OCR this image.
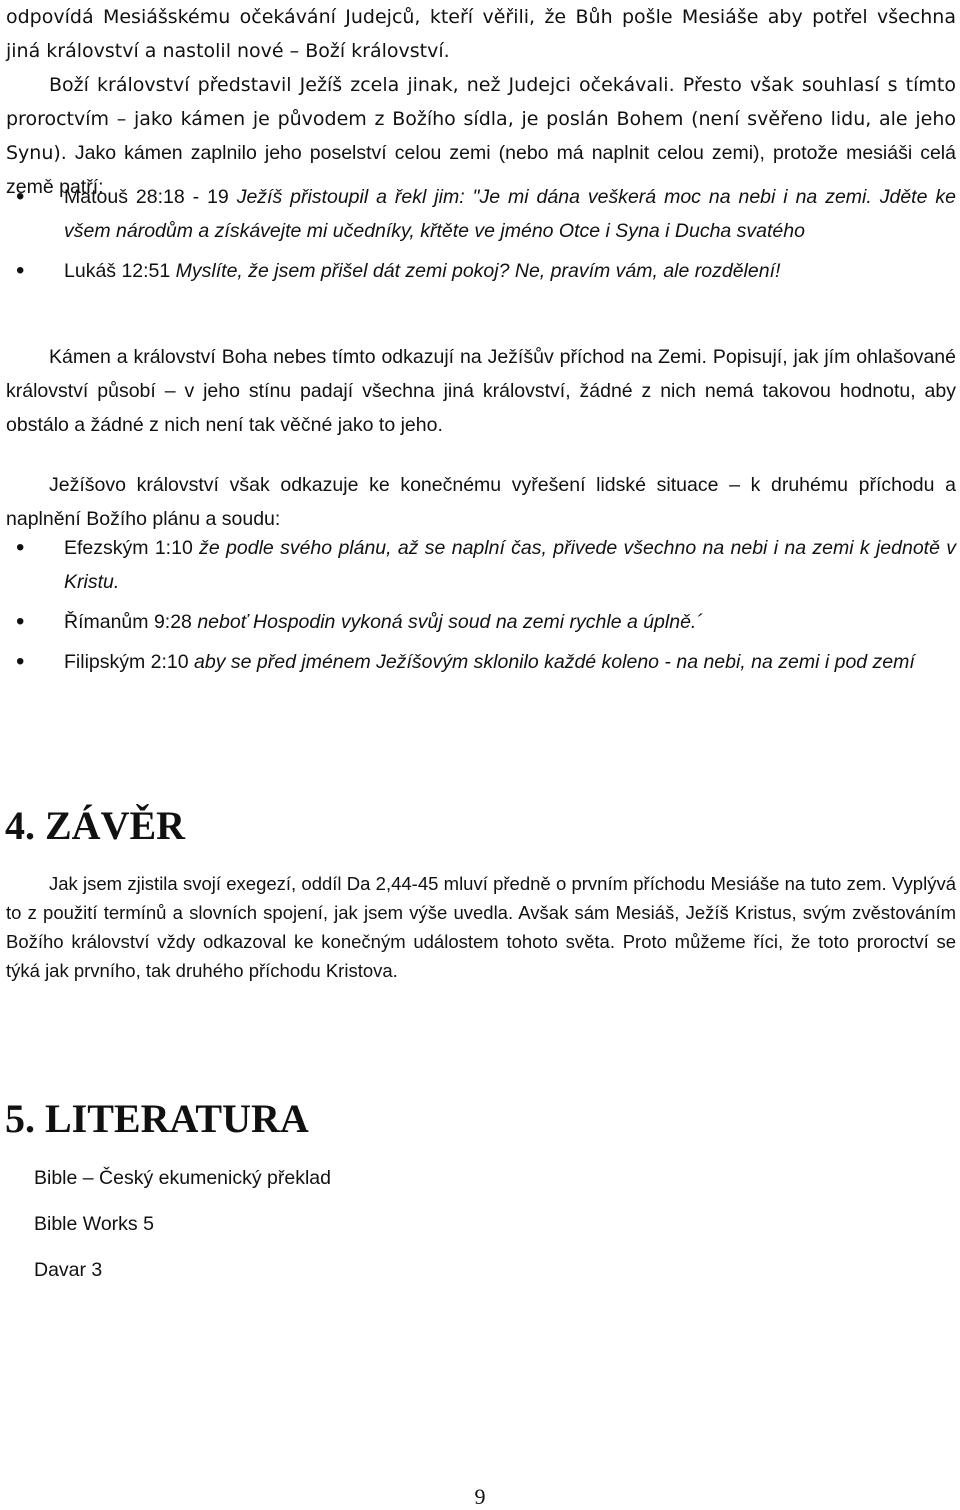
odpovídá Mesiášskému očekávání Judejců, kteří věřili, že Bůh pošle Mesiáše aby potřel všechna jiná království a nastolil nové – Boží království.
Boží království představil Ježíš zcela jinak, než Judejci očekávali. Přesto však souhlasí s tímto proroctvím – jako kámen je původem z Božího sídla, je poslán Bohem (není svěřeno lidu, ale jeho Synu). Jako kámen zaplnilo jeho poselství celou zemi (nebo má naplnit celou zemi), protože mesiáši celá země patří:
• Matouš 28:18 - 19 Ježíš přistoupil a řekl jim: "Je mi dána veškerá moc na nebi i na zemi. Jděte ke všem národům a získávejte mi učedníky, křtěte ve jméno Otce i Syna i Ducha svatého
• Lukáš 12:51 Myslíte, že jsem přišel dát zemi pokoj? Ne, pravím vám, ale rozdělení!
Kámen a království Boha nebes tímto odkazují na Ježíšův příchod na Zemi. Popisují, jak jím ohlašované království působí – v jeho stínu padají všechna jiná království, žádné z nich nemá takovou hodnotu, aby obstálo a žádné z nich není tak věčné jako to jeho.
Ježíšovo království však odkazuje ke konečnému vyřešení lidské situace – k druhému příchodu a naplnění Božího plánu a soudu:
• Efezským 1:10 že podle svého plánu, až se naplní čas, přivede všechno na nebi i na zemi k jednotě v Kristu.
• Římanům 9:28 neboť Hospodin vykoná svůj soud na zemi rychle a úplně.´
• Filipským 2:10 aby se před jménem Ježíšovým sklonilo každé koleno - na nebi, na zemi i pod zemí
4. ZÁVĚR
Jak jsem zjistila svojí exegezí, oddíl Da 2,44-45 mluví předně o prvním příchodu Mesiáše na tuto zem. Vyplývá to z použití termínů a slovních spojení, jak jsem výše uvedla. Avšak sám Mesiáš, Ježíš Kristus, svým zvěstováním Božího království vždy odkazoval ke konečným událostem tohoto světa. Proto můžeme říci, že toto proroctví se týká jak prvního, tak druhého příchodu Kristova.
5. LITERATURA
Bible – Český ekumenický překlad
Bible Works 5
Davar 3
9
